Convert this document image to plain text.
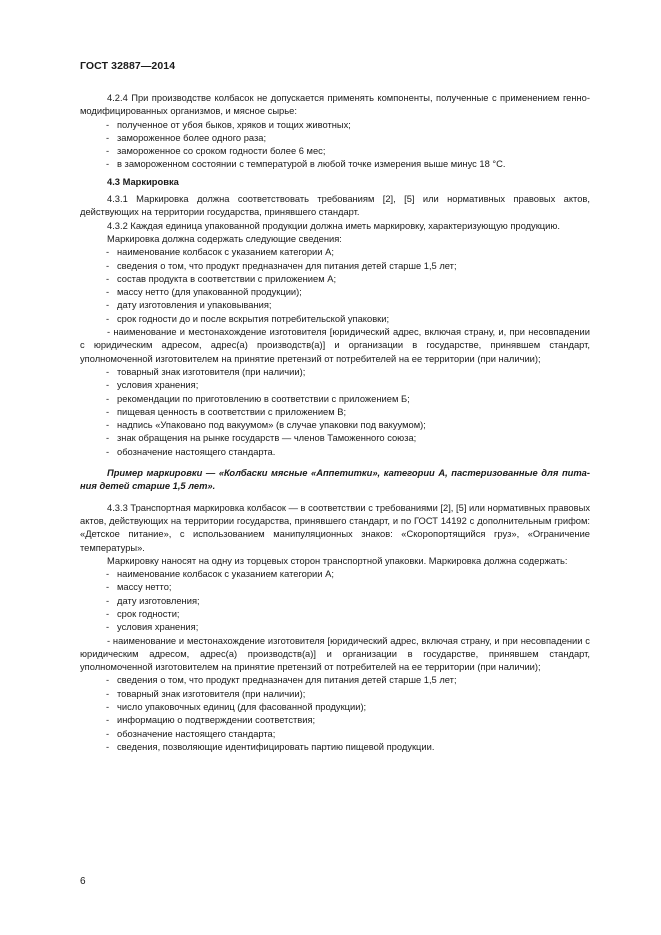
ГОСТ 32887—2014

4.2.4 При производстве колбасок не допускается применять компоненты, полученные с применением генно-модифицированных организмов, и мясное сырье:

- полученное от убоя быков, хряков и тощих животных;

- замороженное более одного раза;

- замороженное со сроком годности более 6 мес;

- в замороженном состоянии с температурой в любой точке измерения выше минус 18 °С.

4.3 Маркировка

4.3.1 Маркировка должна соответствовать требованиям [2], [5] или нормативных правовых актов, действующих на территории государства, принявшего стандарт.

4.3.2 Каждая единица упакованной продукции должна иметь маркировку, характеризующую продукцию.

Маркировка должна содержать следующие сведения:

- наименование колбасок с указанием категории А;

- сведения о том, что продукт предназначен для питания детей старше 1,5 лет;

- состав продукта в соответствии с приложением А;

- массу нетто (для упакованной продукции);

- дату изготовления и упаковывания;

- срок годности до и после вскрытия потребительской упаковки;

- наименование и местонахождение изготовителя [юридический адрес, включая страну, и, при несовпадении с юридическим адресом, адрес(а) производств(а)] и организации в государстве, принявшем стандарт, уполномоченной изготовителем на принятие претензий от потребителей на ее территории (при наличии);

- товарный знак изготовителя (при наличии);

- условия хранения;

- рекомендации по приготовлению в соответствии с приложением Б;

- пищевая ценность в соответствии с приложением В;

- надпись «Упаковано под вакуумом» (в случае упаковки под вакуумом);

- знак обращения на рынке государств — членов Таможенного союза;

- обозначение настоящего стандарта.

Пример маркировки — «Колбаски мясные «Аппетитки», категории А, пастеризованные для питания детей старше 1,5 лет».

4.3.3 Транспортная маркировка колбасок — в соответствии с требованиями [2], [5] или нормативных правовых актов, действующих на территории государства, принявшего стандарт, и по ГОСТ 14192 с дополнительным грифом: «Детское питание», с использованием манипуляционных знаков: «Скоропортящийся груз», «Ограничение температуры».

Маркировку наносят на одну из торцевых сторон транспортной упаковки. Маркировка должна содержать:

- наименование колбасок с указанием категории А;

- массу нетто;

- дату изготовления;

- срок годности;

- условия хранения;

- наименование и местонахождение изготовителя [юридический адрес, включая страну, и при несовпадении с юридическим адресом, адрес(а) производств(а)] и организации в государстве, принявшем стандарт, уполномоченной изготовителем на принятие претензий от потребителей на ее территории (при наличии);

- сведения о том, что продукт предназначен для питания детей старше 1,5 лет;

- товарный знак изготовителя (при наличии);

- число упаковочных единиц (для фасованной продукции);

- информацию о подтверждении соответствия;

- обозначение настоящего стандарта;

- сведения, позволяющие идентифицировать партию пищевой продукции.

6
